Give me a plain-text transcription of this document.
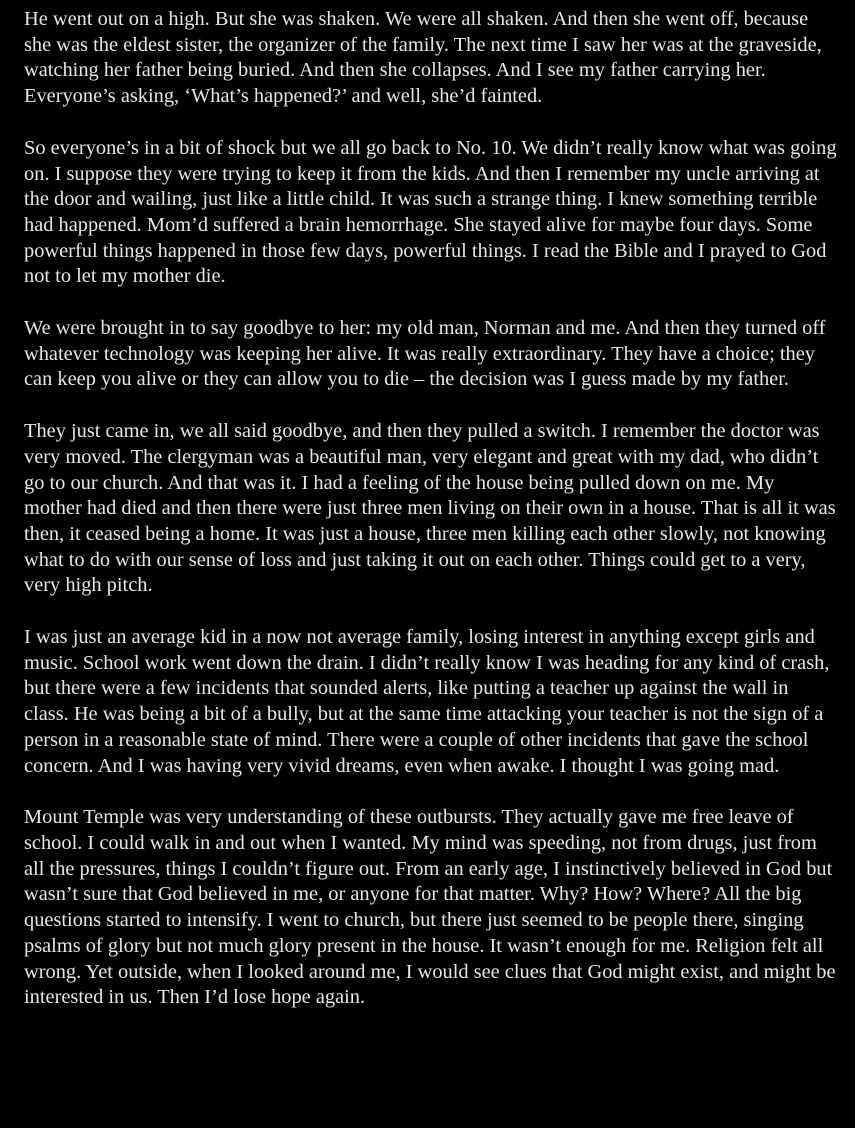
He went out on a high. But she was shaken. We were all shaken. And then she went off, because she was the eldest sister, the organizer of the family. The next time I saw her was at the graveside, watching her father being buried. And then she collapses. And I see my father carrying her. Everyone’s asking, ‘What’s happened?’ and well, she’d fainted.

So everyone’s in a bit of shock but we all go back to No. 10. We didn’t really know what was going on. I suppose they were trying to keep it from the kids. And then I remember my uncle arriving at the door and wailing, just like a little child. It was such a strange thing. I knew something terrible had happened. Mom’d suffered a brain hemorrhage. She stayed alive for maybe four days. Some powerful things happened in those few days, powerful things. I read the Bible and I prayed to God not to let my mother die.

We were brought in to say goodbye to her: my old man, Norman and me. And then they turned off whatever technology was keeping her alive. It was really extraordinary. They have a choice; they can keep you alive or they can allow you to die – the decision was I guess made by my father.

They just came in, we all said goodbye, and then they pulled a switch. I remember the doctor was very moved. The clergyman was a beautiful man, very elegant and great with my dad, who didn’t go to our church. And that was it. I had a feeling of the house being pulled down on me. My mother had died and then there were just three men living on their own in a house. That is all it was then, it ceased being a home. It was just a house, three men killing each other slowly, not knowing what to do with our sense of loss and just taking it out on each other. Things could get to a very, very high pitch.

I was just an average kid in a now not average family, losing interest in anything except girls and music. School work went down the drain. I didn’t really know I was heading for any kind of crash, but there were a few incidents that sounded alerts, like putting a teacher up against the wall in class. He was being a bit of a bully, but at the same time attacking your teacher is not the sign of a person in a reasonable state of mind. There were a couple of other incidents that gave the school concern. And I was having very vivid dreams, even when awake. I thought I was going mad.

Mount Temple was very understanding of these outbursts. They actually gave me free leave of school. I could walk in and out when I wanted. My mind was speeding, not from drugs, just from all the pressures, things I couldn’t figure out. From an early age, I instinctively believed in God but wasn’t sure that God believed in me, or anyone for that matter. Why? How? Where? All the big questions started to intensify. I went to church, but there just seemed to be people there, singing psalms of glory but not much glory present in the house. It wasn’t enough for me. Religion felt all wrong. Yet outside, when I looked around me, I would see clues that God might exist, and might be interested in us. Then I’d lose hope again.
